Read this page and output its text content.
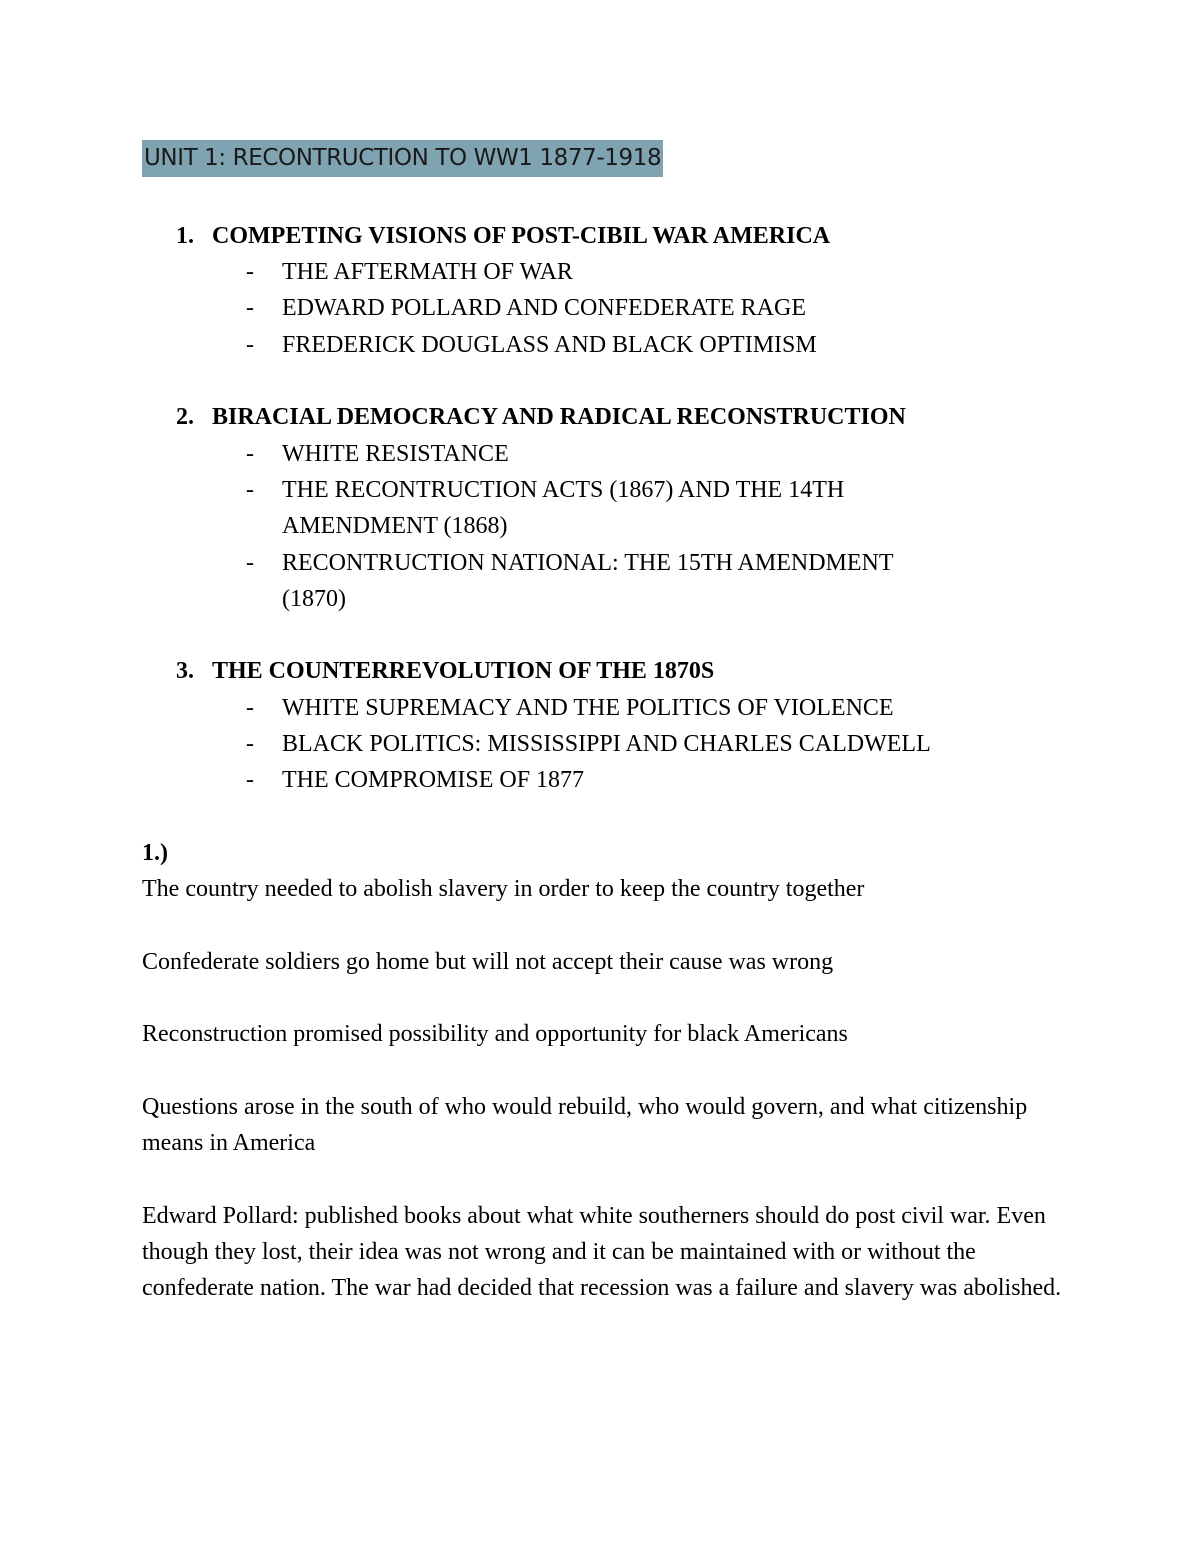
UNIT 1: RECONTRUCTION TO WW1 1877-1918
1. COMPETING VISIONS OF POST-CIBIL WAR AMERICA
- THE AFTERMATH OF WAR
- EDWARD POLLARD AND CONFEDERATE RAGE
- FREDERICK DOUGLASS AND BLACK OPTIMISM
2. BIRACIAL DEMOCRACY AND RADICAL RECONSTRUCTION
- WHITE RESISTANCE
- THE RECONTRUCTION ACTS (1867) AND THE 14TH
AMENDMENT (1868)
- RECONTRUCTION NATIONAL: THE 15TH AMENDMENT
(1870)
3. THE COUNTERREVOLUTION OF THE 1870S
- WHITE SUPREMACY AND THE POLITICS OF VIOLENCE
- BLACK POLITICS: MISSISSIPPI AND CHARLES CALDWELL
- THE COMPROMISE OF 1877
1.)

The country needed to abolish slavery in order to keep the country together

Confederate soldiers go home but will not accept their cause was wrong

Reconstruction promised possibility and opportunity for black Americans

Questions arose in the south of who would rebuild, who would govern, and what citizenship means in America

Edward Pollard: published books about what white southerners should do post civil war. Even though they lost, their idea was not wrong and it can be maintained with or without the confederate nation. The war had decided that recession was a failure and slavery was abolished.
